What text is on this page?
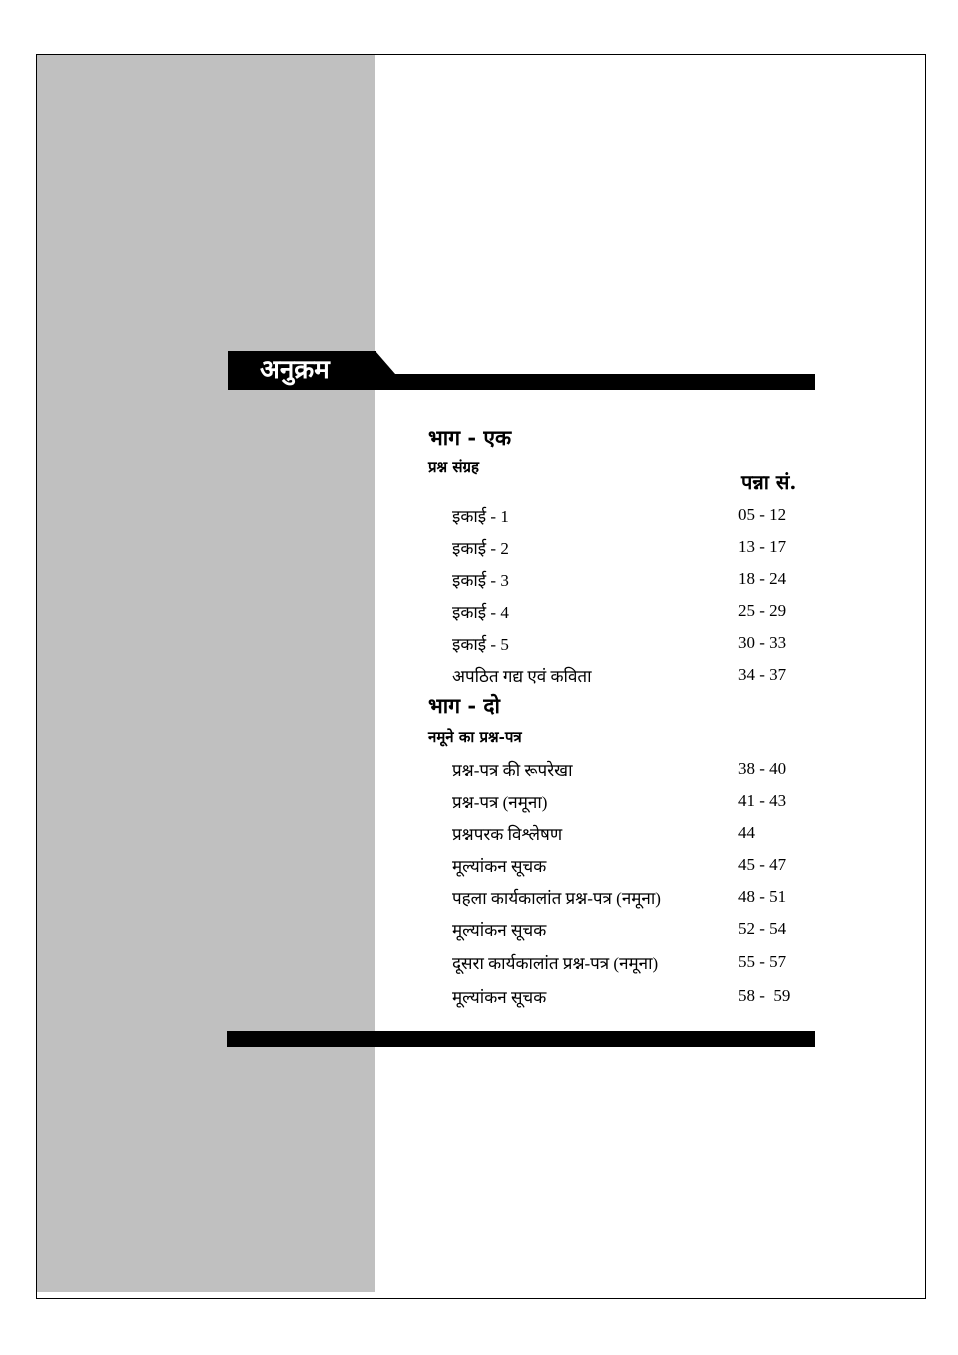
अनुक्रम
भाग - एक
प्रश्न संग्रह
पन्ना सं.
इकाई - 1	05 - 12
इकाई - 2	13 - 17
इकाई - 3	18 - 24
इकाई - 4	25 - 29
इकाई - 5	30 - 33
अपठित गद्य एवं कविता	34 - 37
भाग - दो
नमूने का प्रश्न-पत्र
प्रश्न-पत्र की रूपरेखा	38 - 40
प्रश्न-पत्र (नमूना)	41 - 43
प्रश्नपरक विश्लेषण	44
मूल्यांकन सूचक	45 - 47
पहला कार्यकालांत प्रश्न-पत्र (नमूना)	48 - 51
मूल्यांकन सूचक	52 - 54
दूसरा कार्यकालांत प्रश्न-पत्र (नमूना)	55 - 57
मूल्यांकन सूचक	58 -  59
